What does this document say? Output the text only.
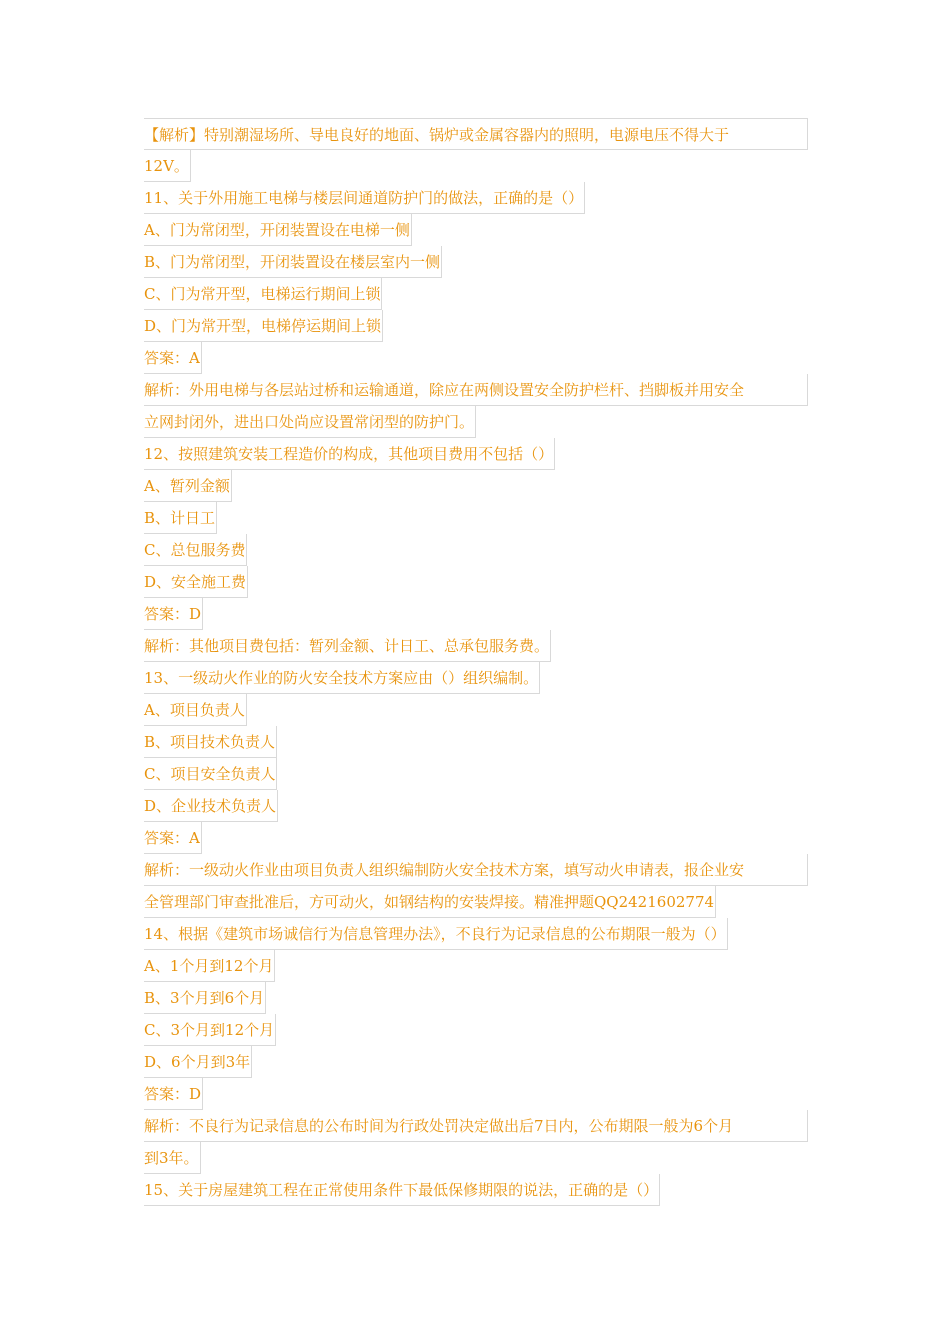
【解析】特别潮湿场所、导电良好的地面、锅炉或金属容器内的照明，电源电压不得大于
12V。
11、关于外用施工电梯与楼层间通道防护门的做法，正确的是（）
A、门为常闭型，开闭装置设在电梯一侧
B、门为常闭型，开闭装置设在楼层室内一侧
C、门为常开型，电梯运行期间上锁
D、门为常开型，电梯停运期间上锁
答案：A
解析：外用电梯与各层站过桥和运输通道，除应在两侧设置安全防护栏杆、挡脚板并用安全
立网封闭外，进出口处尚应设置常闭型的防护门。
12、按照建筑安装工程造价的构成，其他项目费用不包括（）
A、暂列金额
B、计日工
C、总包服务费
D、安全施工费
答案：D
解析：其他项目费包括：暂列金额、计日工、总承包服务费。
13、一级动火作业的防火安全技术方案应由（）组织编制。
A、项目负责人
B、项目技术负责人
C、项目安全负责人
D、企业技术负责人
答案：A
解析：一级动火作业由项目负责人组织编制防火安全技术方案，填写动火申请表，报企业安
全管理部门审查批准后，方可动火，如钢结构的安装焊接。精准押题QQ2421602774
14、根据《建筑市场诚信行为信息管理办法》，不良行为记录信息的公布期限一般为（）
A、1个月到12个月
B、3个月到6个月
C、3个月到12个月
D、6个月到3年
答案：D
解析：不良行为记录信息的公布时间为行政处罚决定做出后7日内，公布期限一般为6个月
到3年。
15、关于房屋建筑工程在正常使用条件下最低保修期限的说法，正确的是（）
